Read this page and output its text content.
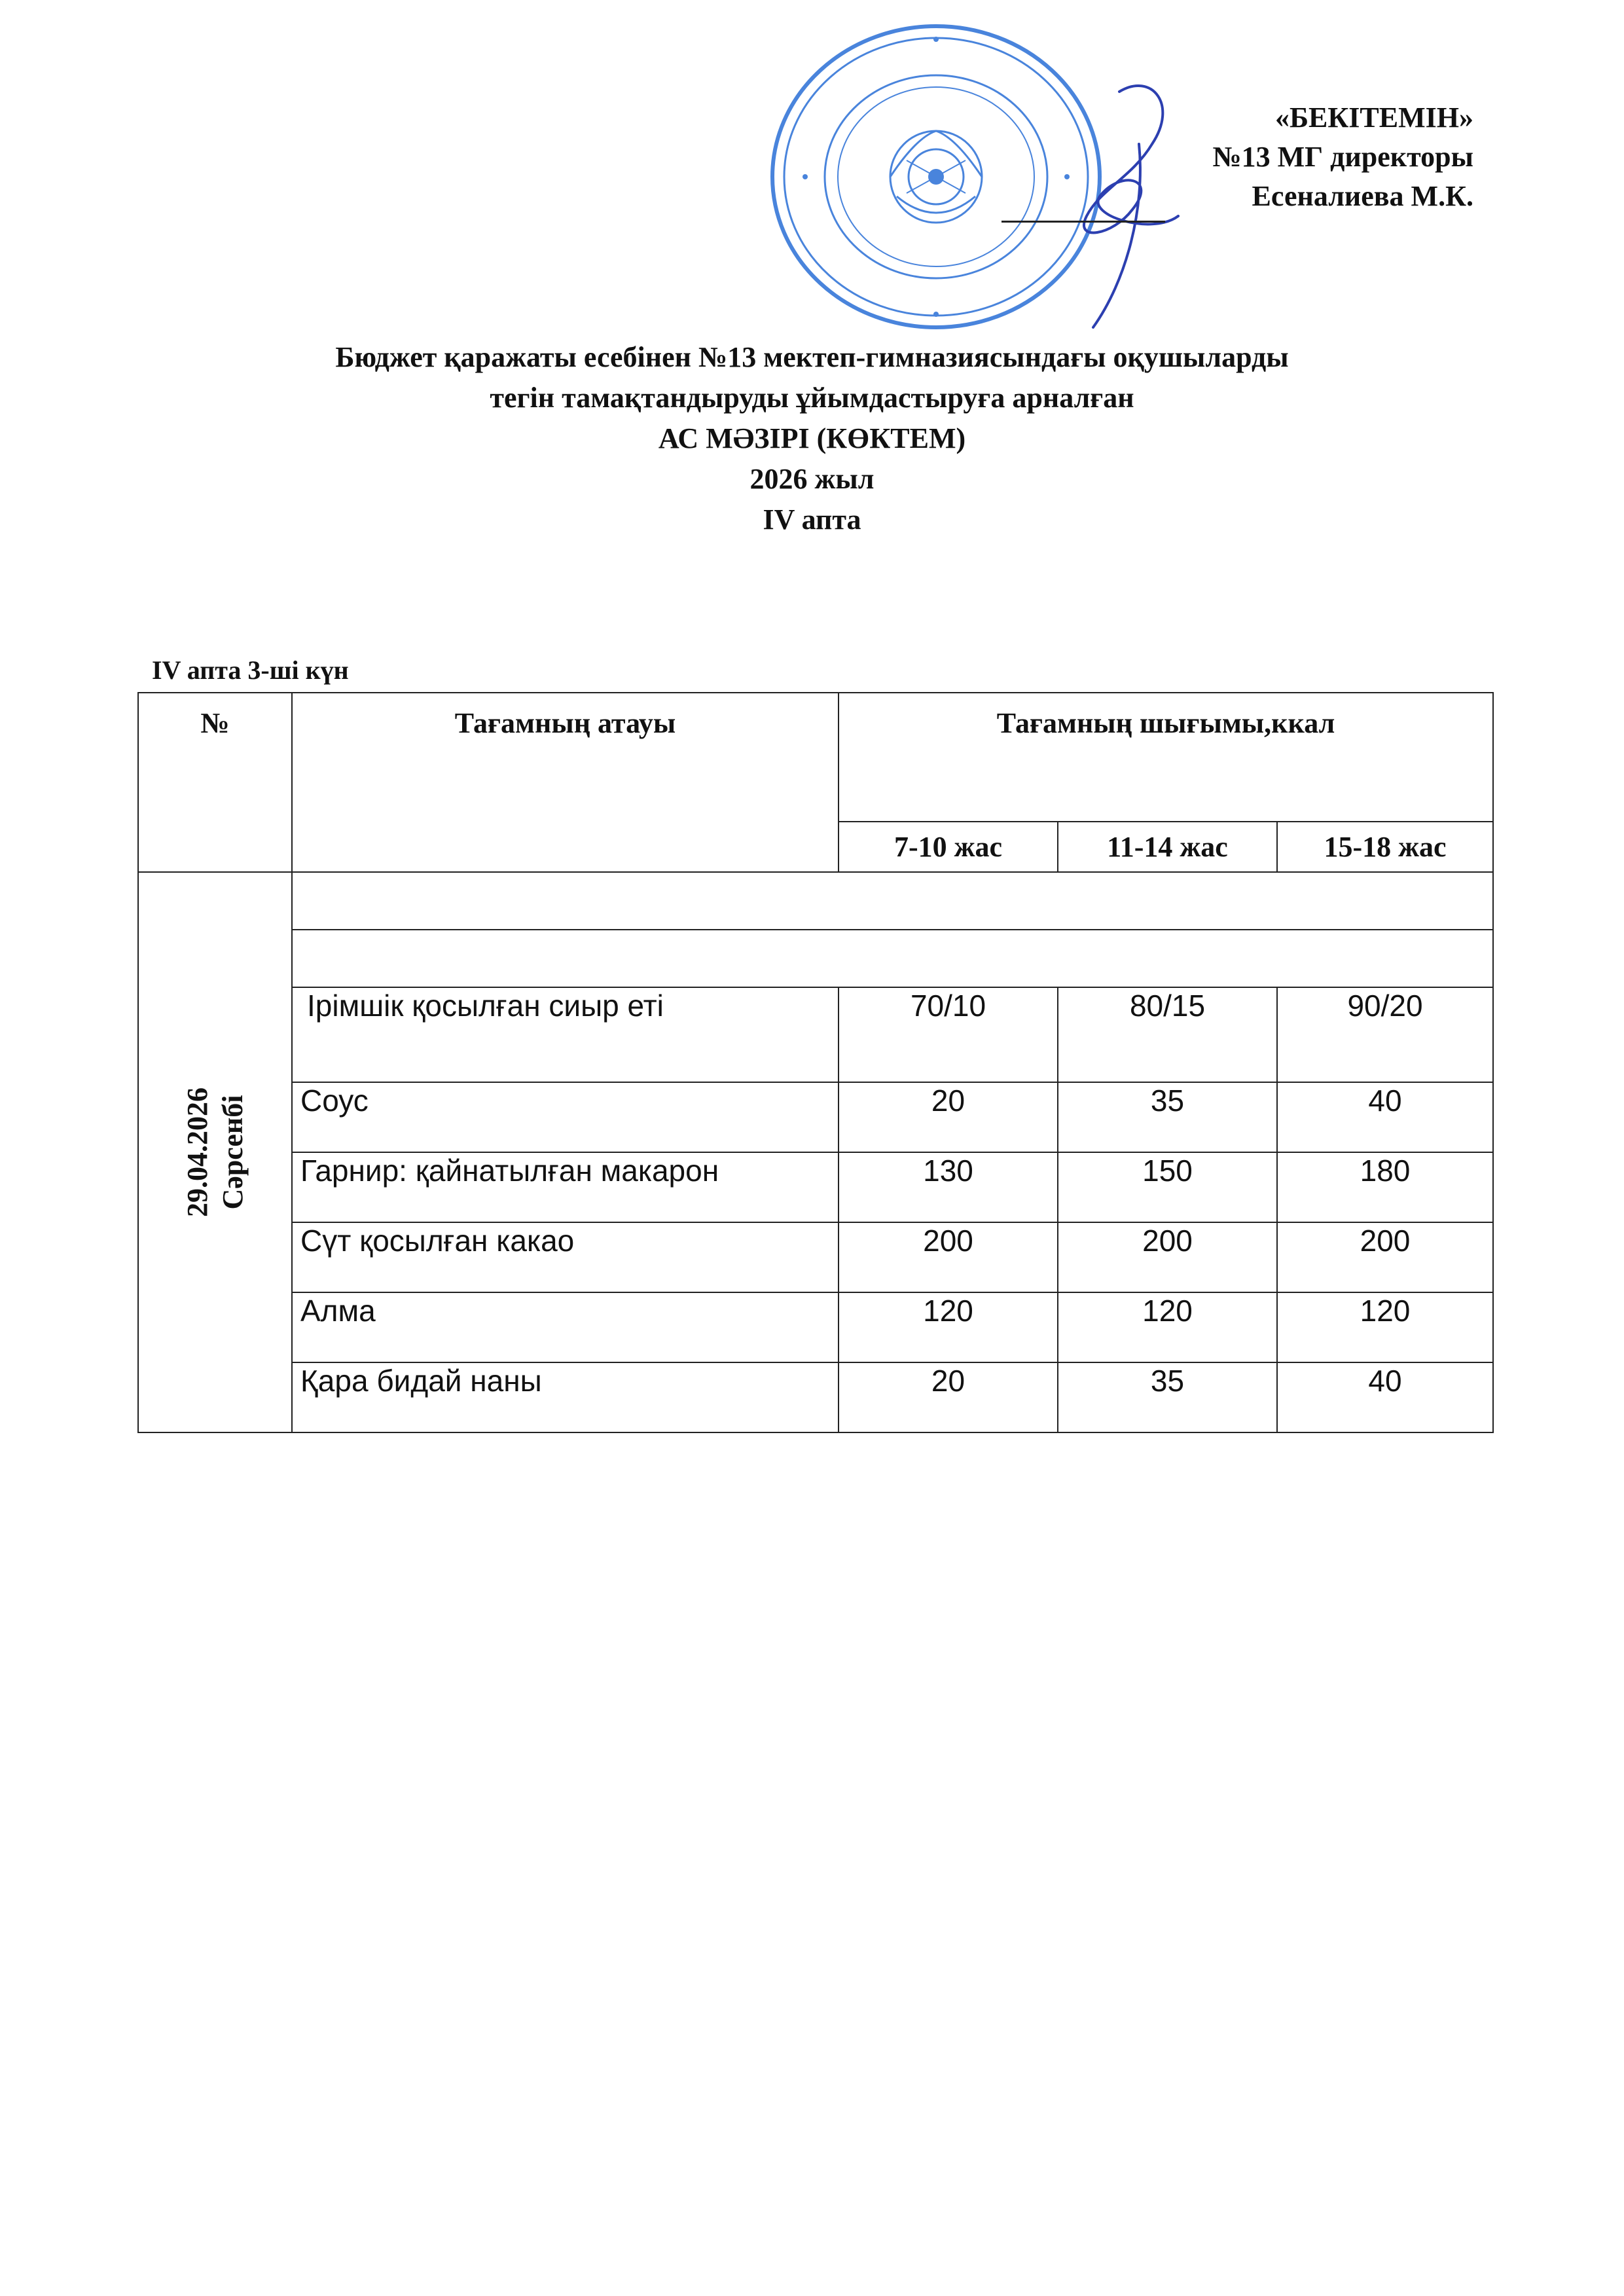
«БЕКІТЕМІН»
№13 МГ директоры
Есеналиева М.К.
Бюджет қаражаты есебінен №13 мектеп-гимназиясындағы оқушыларды
тегін тамақтандыруды ұйымдастыруға арналған
АС МӘЗІРІ (КӨКТЕМ)
2026 жыл
IV апта
IV апта 3-ші күн
№	Тағамның атауы	Тағамның шығымы,ккал		
		7-10 жас	11-14 жас	15-18 жас
29.04.2026 Сәрсенбі				

	Ірімшік қосылған сиыр еті	70/10	80/15	90/20
	Соус	20	35	40
	Гарнир: қайнатылған макарон	130	150	180
	Сүт қосылған какао	200	200	200
	Алма	120	120	120
	Қара бидай наны	20	35	40
